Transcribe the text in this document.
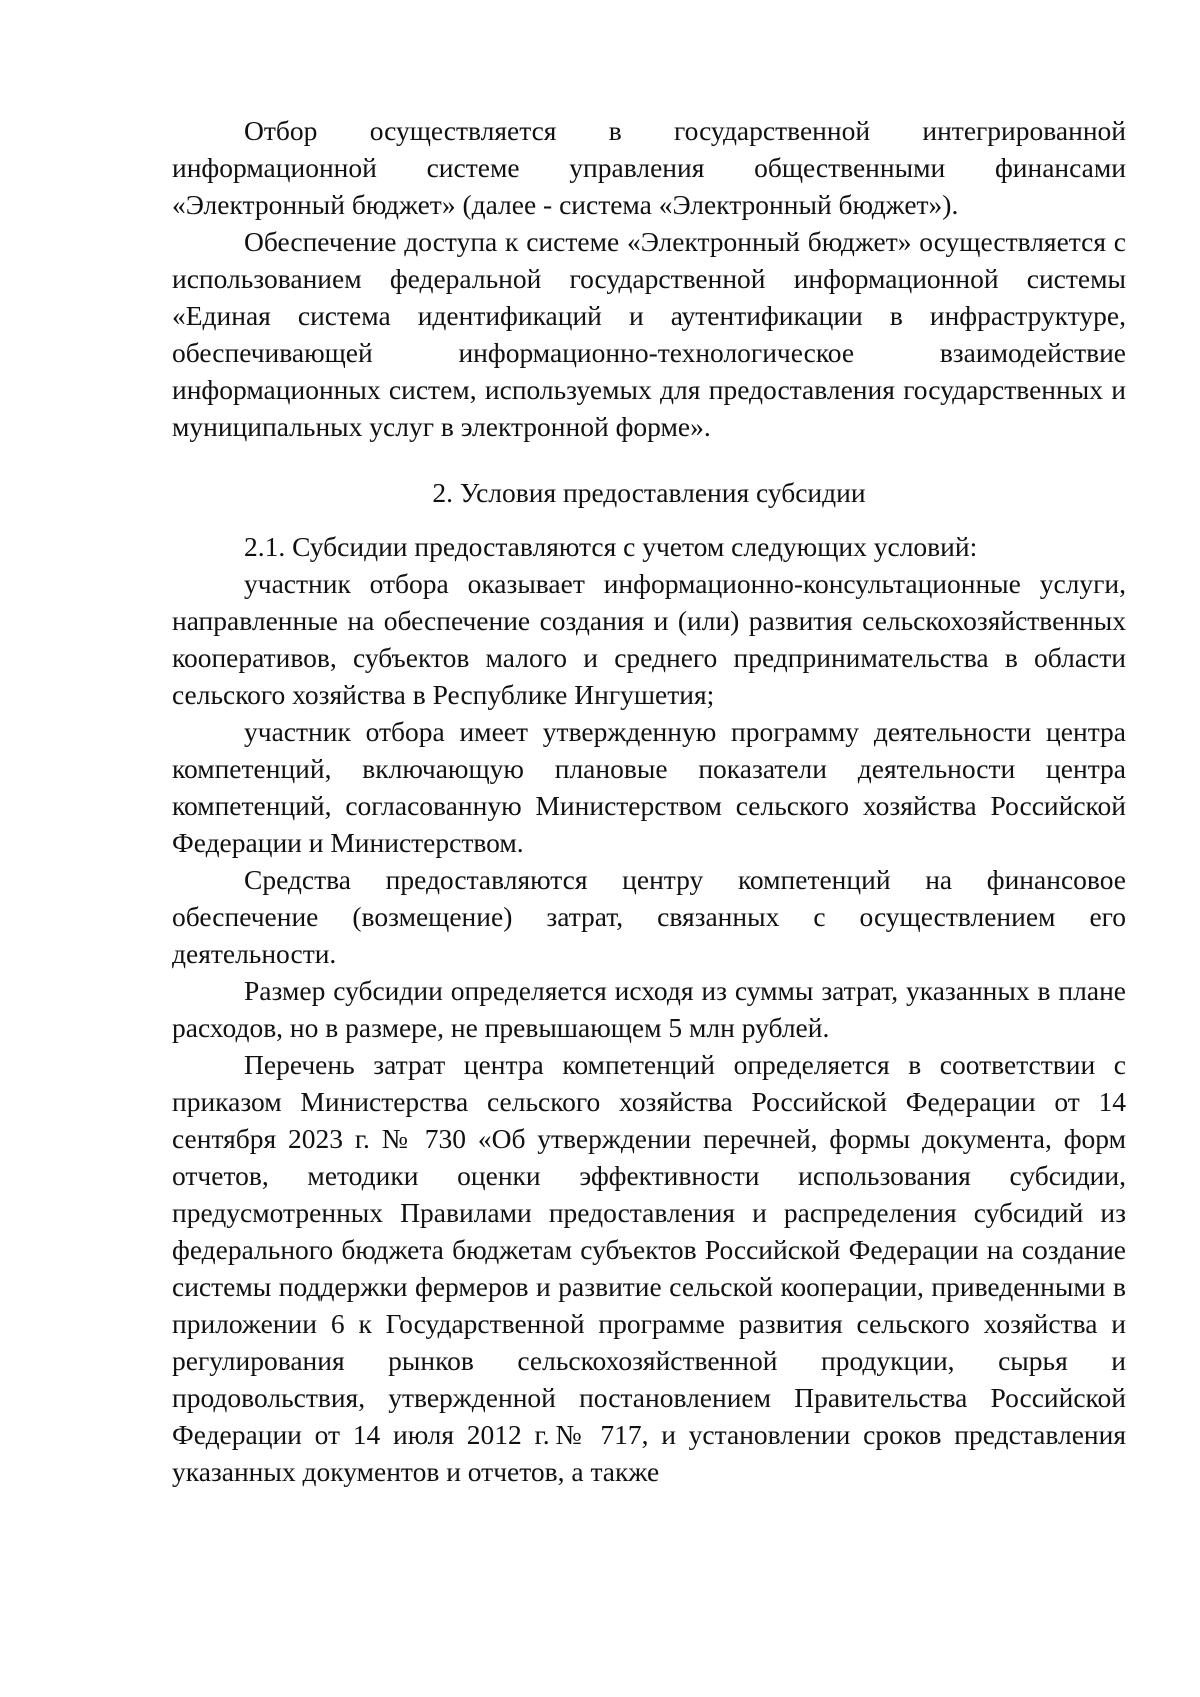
Отбор осуществляется в государственной интегрированной информационной системе управления общественными финансами «Электронный бюджет» (далее - система «Электронный бюджет»).

Обеспечение доступа к системе «Электронный бюджет» осуществляется с использованием федеральной государственной информационной системы «Единая система идентификаций и аутентификации в инфраструктуре, обеспечивающей информационно-технологическое взаимодействие информационных систем, используемых для предоставления государственных и муниципальных услуг в электронной форме».

2. Условия предоставления субсидии

2.1. Субсидии предоставляются с учетом следующих условий:

участник отбора оказывает информационно-консультационные услуги, направленные на обеспечение создания и (или) развития сельскохозяйственных кооперативов, субъектов малого и среднего предпринимательства в области сельского хозяйства в Республике Ингушетия;

участник отбора имеет утвержденную программу деятельности центра компетенций, включающую плановые показатели деятельности центра компетенций, согласованную Министерством сельского хозяйства Российской Федерации и Министерством.

Средства предоставляются центру компетенций на финансовое обеспечение (возмещение) затрат, связанных с осуществлением его деятельности.

Размер субсидии определяется исходя из суммы затрат, указанных в плане расходов, но в размере, не превышающем 5 млн рублей.

Перечень затрат центра компетенций определяется в соответствии с приказом Министерства сельского хозяйства Российской Федерации от 14 сентября 2023 г. № 730 «Об утверждении перечней, формы документа, форм отчетов, методики оценки эффективности использования субсидии, предусмотренных Правилами предоставления и распределения субсидий из федерального бюджета бюджетам субъектов Российской Федерации на создание системы поддержки фермеров и развитие сельской кооперации, приведенными в приложении 6 к Государственной программе развития сельского хозяйства и регулирования рынков сельскохозяйственной продукции, сырья и продовольствия, утвержденной постановлением Правительства Российской Федерации от 14 июля 2012 г.№ 717, и установлении сроков представления указанных документов и отчетов, а также
